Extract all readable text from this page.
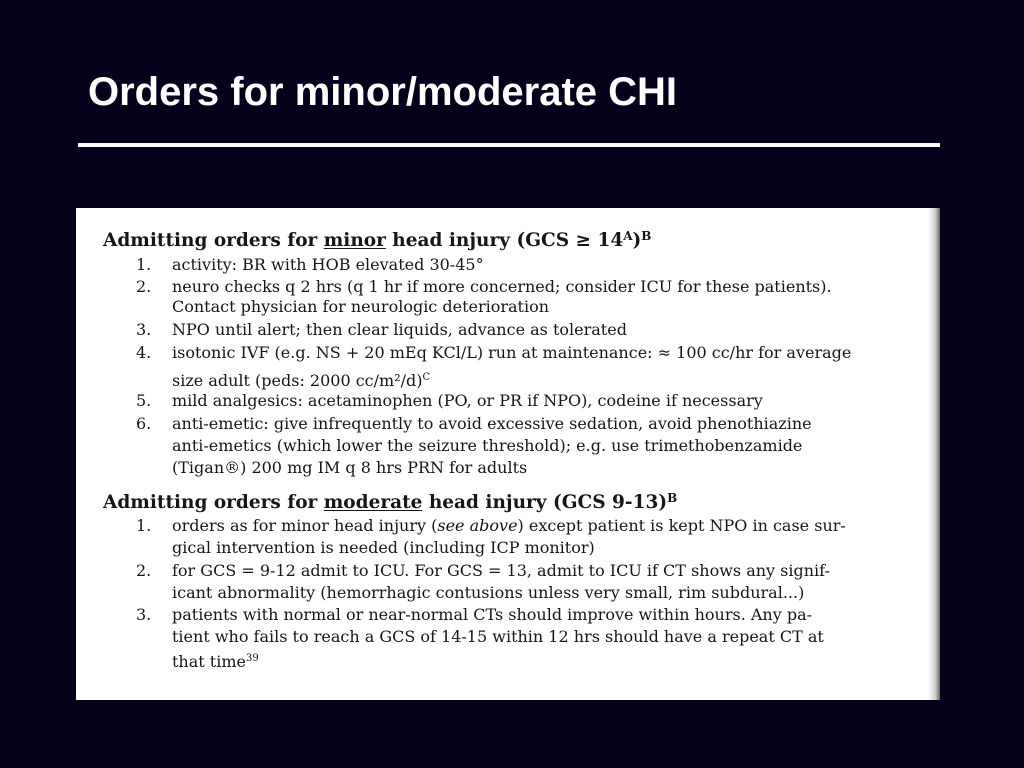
Orders for minor/moderate CHI

Admitting orders for minor head injury $(GCS \ge 14^A)^B$

1. activity: BR with HOB elevated 30-45°
2. neuro checks q 2 hrs (q 1 hr if more concerned; consider ICU for these patients).
Contact physician for neurologic deterioration
3. NPO until alert; then clear liquids, advance as tolerated
4. isotonic IVF (e.g. NS + 20 mEq KCl/L) run at maintenance: ≈ 100 cc/hr for average
size adult (peds: 2000 cc/m²/d)$^C$
5. mild analgesics: acetaminophen (PO, or PR if NPO), codeine if necessary
6. anti-emetic: give infrequently to avoid excessive sedation, avoid phenothiazine
anti-emetics (which lower the seizure threshold); e.g. use trimethobenzamide
(Tigan®) 200 mg IM q 8 hrs PRN for adults

Admitting orders for moderate head injury (GCS 9-13)$^B$

1. orders as for minor head injury (see above) except patient is kept NPO in case sur-
gical intervention is needed (including ICP monitor)
2. for GCS = 9-12 admit to ICU. For GCS = 13, admit to ICU if CT shows any signif-
icant abnormality (hemorrhagic contusions unless very small, rim subdural...)
3. patients with normal or near-normal CTs should improve within hours. Any pa-
tient who fails to reach a GCS of 14-15 within 12 hrs should have a repeat CT at
that time$^{39}$
